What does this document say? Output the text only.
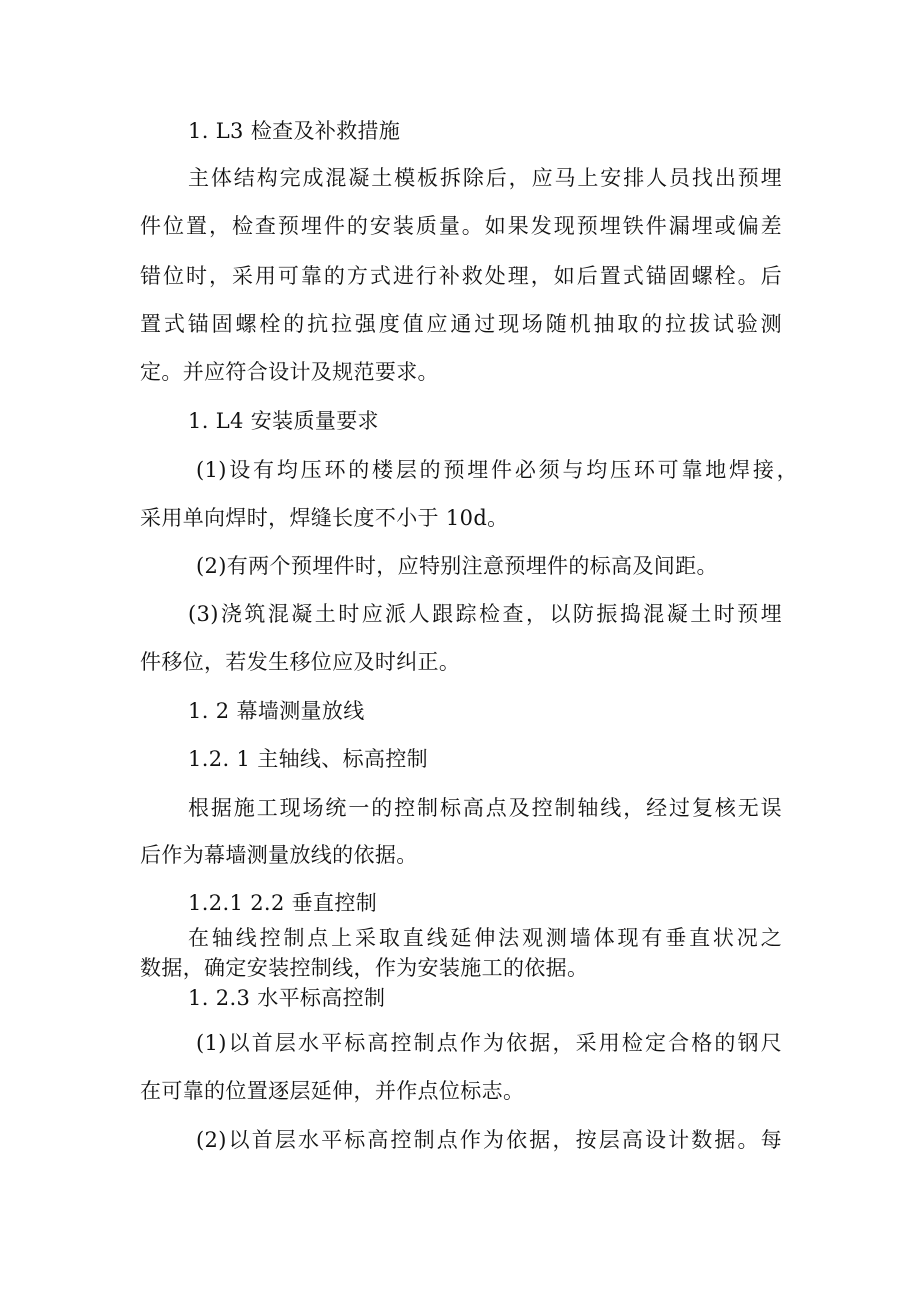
1. L3 检查及补救措施
主体结构完成混凝土模板拆除后，应马上安排人员找出预埋
件位置，检查预埋件的安装质量。如果发现预埋铁件漏埋或偏差
错位时，采用可靠的方式进行补救处理，如后置式锚固螺栓。后
置式锚固螺栓的抗拉强度值应通过现场随机抽取的拉拔试验测
定。并应符合设计及规范要求。
1. L4 安装质量要求
(1)设有均压环的楼层的预埋件必须与均压环可靠地焊接，
采用单向焊时，焊缝长度不小于 10d。
(2)有两个预埋件时，应特别注意预埋件的标高及间距。
(3)浇筑混凝土时应派人跟踪检查，以防振捣混凝土时预埋
件移位，若发生移位应及时纠正。
1. 2 幕墙测量放线
1.2. 1 主轴线、标高控制
根据施工现场统一的控制标高点及控制轴线，经过复核无误
后作为幕墙测量放线的依据。
1.2.1 2.2 垂直控制
在轴线控制点上采取直线延伸法观测墙体现有垂直状况之
数据，确定安装控制线，作为安装施工的依据。
1. 2.3 水平标高控制
(1)以首层水平标高控制点作为依据，采用检定合格的钢尺
在可靠的位置逐层延伸，并作点位标志。
(2)以首层水平标高控制点作为依据，按层高设计数据。每
